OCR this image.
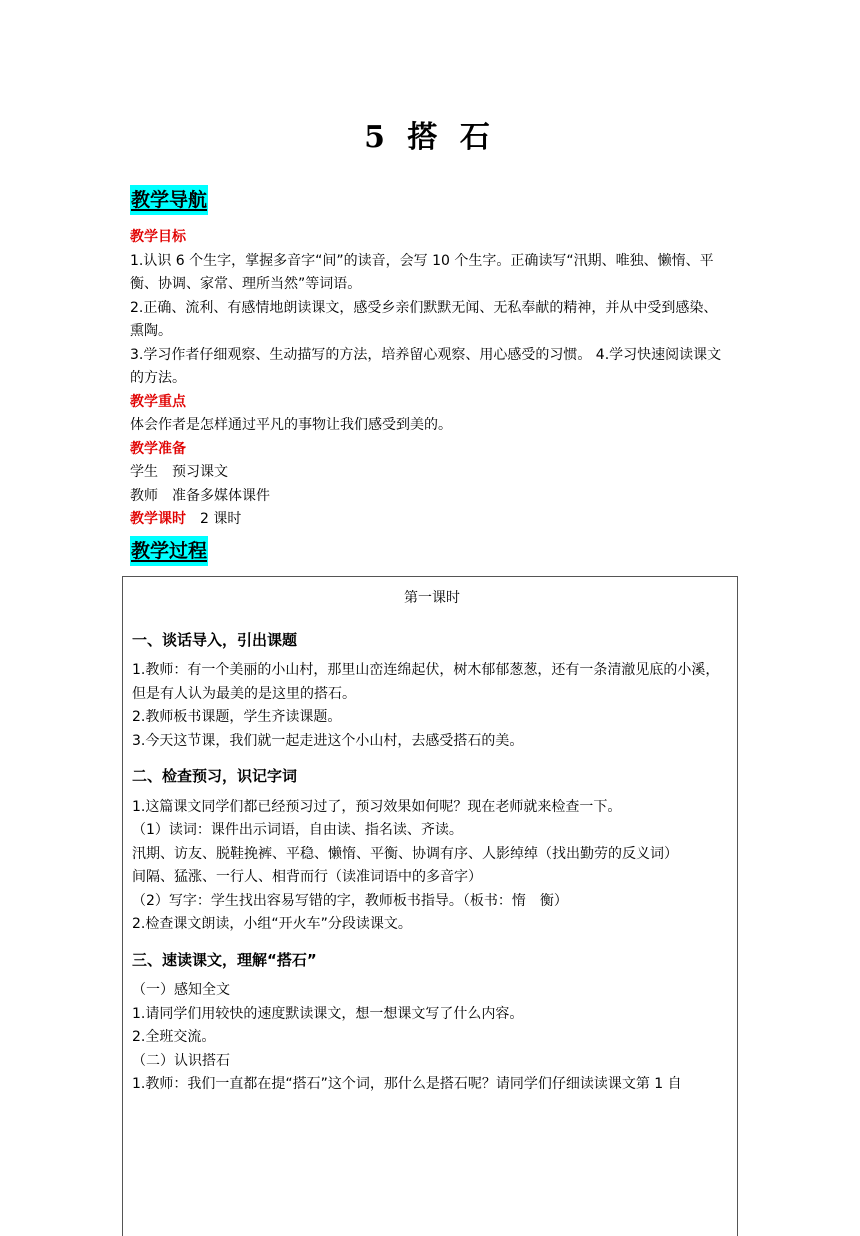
5 搭 石
教学导航

教学目标

1.认识 6 个生字，掌握多音字“间”的读音，会写 10 个生字。正确读写“汛期、唯独、懒惰、平衡、协调、家常、理所当然”等词语。

2.正确、流利、有感情地朗读课文，感受乡亲们默默无闻、无私奉献的精神，并从中受到感染、熏陶。

3.学习作者仔细观察、生动描写的方法，培养留心观察、用心感受的习惯。 4.学习快速阅读课文的方法。

教学重点

体会作者是怎样通过平凡的事物让我们感受到美的。

教学准备

学生　预习课文

教师　准备多媒体课件

教学课时　2 课时

教学过程

第一课时

一、谈话导入，引出课题

1.教师：有一个美丽的小山村，那里山峦连绵起伏，树木郁郁葱葱，还有一条清澈见底的小溪，但是有人认为最美的是这里的搭石。

2.教师板书课题，学生齐读课题。

3.今天这节课，我们就一起走进这个小山村，去感受搭石的美。

二、检查预习，识记字词

1.这篇课文同学们都已经预习过了，预习效果如何呢？现在老师就来检查一下。

（1）读词：课件出示词语，自由读、指名读、齐读。

汛期、访友、脱鞋挽裤、平稳、懒惰、平衡、协调有序、人影绰绰（找出勤劳的反义词）

间隔、猛涨、一行人、相背而行（读准词语中的多音字）

（2）写字：学生找出容易写错的字，教师板书指导。（板书：惰　衡）

2.检查课文朗读，小组“开火车”分段读课文。

三、速读课文，理解“搭石”

（一）感知全文

1.请同学们用较快的速度默读课文，想一想课文写了什么内容。

2.全班交流。

（二）认识搭石

1.教师：我们一直都在提“搭石”这个词，那什么是搭石呢？请同学们仔细读读课文第 1 自
